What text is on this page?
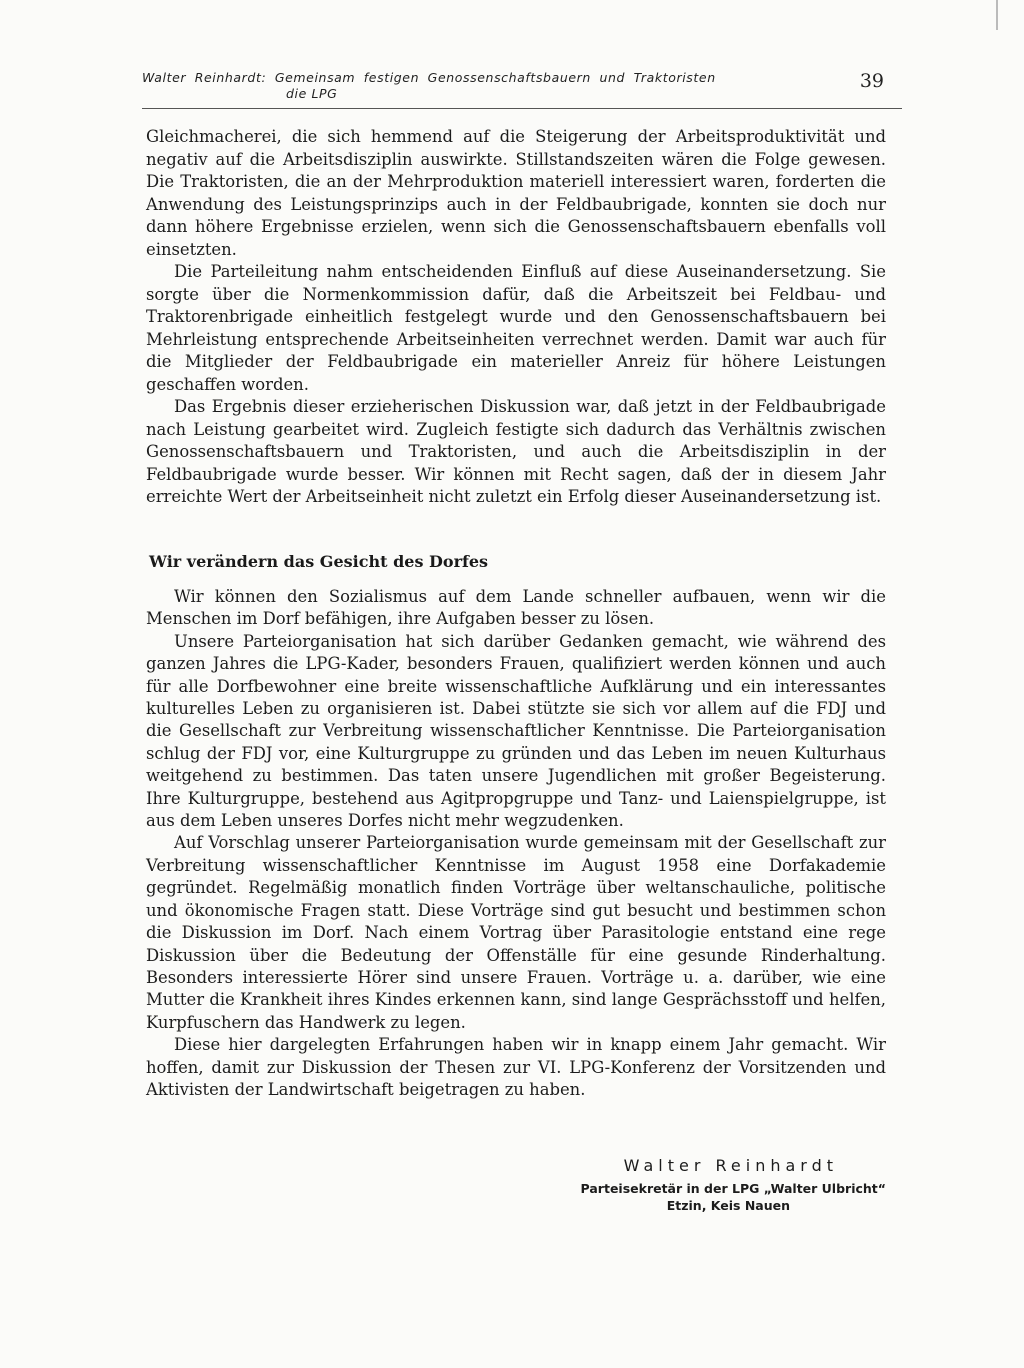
Walter Reinhardt: Gemeinsam festigen Genossenschaftsbauern und Traktoristen
die LPG
39

Gleichmacherei, die sich hemmend auf die Steigerung der Arbeitsproduktivität und negativ auf die Arbeitsdisziplin auswirkte. Stillstandszeiten wären die Folge gewesen. Die Traktoristen, die an der Mehrproduktion materiell interessiert waren, forderten die Anwendung des Leistungsprinzips auch in der Feldbaubrigade, konnten sie doch nur dann höhere Ergebnisse erzielen, wenn sich die Genossenschaftsbauern ebenfalls voll einsetzten.

Die Parteileitung nahm entscheidenden Einfluß auf diese Auseinandersetzung. Sie sorgte über die Normenkommission dafür, daß die Arbeitszeit bei Feldbau- und Traktorenbrigade einheitlich festgelegt wurde und den Genossenschaftsbauern bei Mehrleistung entsprechende Arbeitseinheiten verrechnet werden. Damit war auch für die Mitglieder der Feldbaubrigade ein materieller Anreiz für höhere Leistungen geschaffen worden.

Das Ergebnis dieser erzieherischen Diskussion war, daß jetzt in der Feldbaubrigade nach Leistung gearbeitet wird. Zugleich festigte sich dadurch das Verhältnis zwischen Genossenschaftsbauern und Traktoristen, und auch die Arbeitsdisziplin in der Feldbaubrigade wurde besser. Wir können mit Recht sagen, daß der in diesem Jahr erreichte Wert der Arbeitseinheit nicht zuletzt ein Erfolg dieser Auseinandersetzung ist.

Wir verändern das Gesicht des Dorfes

Wir können den Sozialismus auf dem Lande schneller aufbauen, wenn wir die Menschen im Dorf befähigen, ihre Aufgaben besser zu lösen.

Unsere Parteiorganisation hat sich darüber Gedanken gemacht, wie während des ganzen Jahres die LPG-Kader, besonders Frauen, qualifiziert werden können und auch für alle Dorfbewohner eine breite wissenschaftliche Aufklärung und ein interessantes kulturelles Leben zu organisieren ist. Dabei stützte sie sich vor allem auf die FDJ und die Gesellschaft zur Verbreitung wissenschaftlicher Kenntnisse. Die Parteiorganisation schlug der FDJ vor, eine Kulturgruppe zu gründen und das Leben im neuen Kulturhaus weitgehend zu bestimmen. Das taten unsere Jugendlichen mit großer Begeisterung. Ihre Kulturgruppe, bestehend aus Agitpropgruppe und Tanz- und Laienspielgruppe, ist aus dem Leben unseres Dorfes nicht mehr wegzudenken.

Auf Vorschlag unserer Parteiorganisation wurde gemeinsam mit der Gesellschaft zur Verbreitung wissenschaftlicher Kenntnisse im August 1958 eine Dorfakademie gegründet. Regelmäßig monatlich finden Vorträge über weltanschauliche, politische und ökonomische Fragen statt. Diese Vorträge sind gut besucht und bestimmen schon die Diskussion im Dorf. Nach einem Vortrag über Parasitologie entstand eine rege Diskussion über die Bedeutung der Offenställe für eine gesunde Rinderhaltung. Besonders interessierte Hörer sind unsere Frauen. Vorträge u. a. darüber, wie eine Mutter die Krankheit ihres Kindes erkennen kann, sind lange Gesprächsstoff und helfen, Kurpfuschern das Handwerk zu legen.

Diese hier dargelegten Erfahrungen haben wir in knapp einem Jahr gemacht. Wir hoffen, damit zur Diskussion der Thesen zur VI. LPG-Konferenz der Vorsitzenden und Aktivisten der Landwirtschaft beigetragen zu haben.

Walter Reinhardt
Parteisekretär in der LPG „Walter Ulbricht“
Etzin, Keis Nauen
